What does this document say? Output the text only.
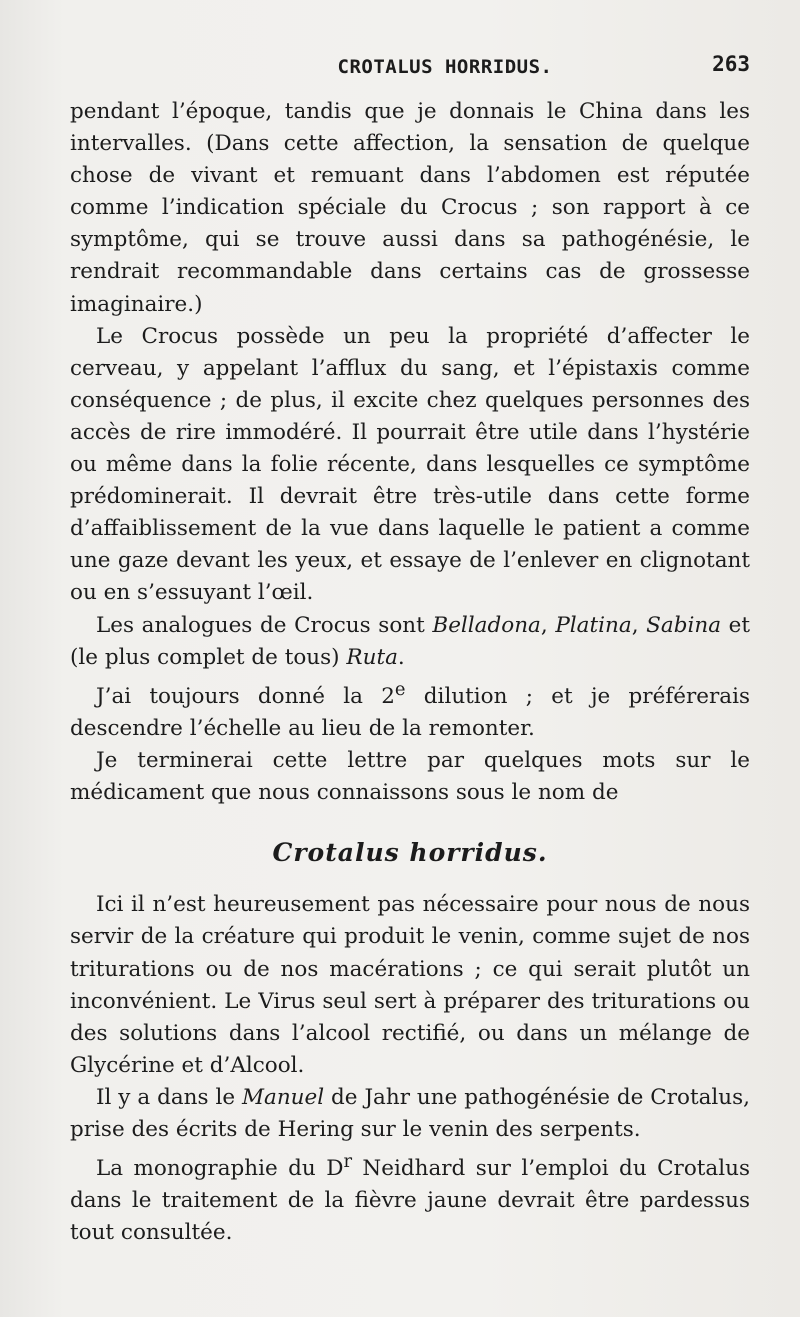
CROTALUS HORRIDUS.	263

pendant l’époque, tandis que je donnais le China dans les intervalles. (Dans cette affection, la sensation de quelque chose de vivant et remuant dans l’abdomen est réputée comme l’indication spéciale du Crocus ; son rapport à ce symptôme, qui se trouve aussi dans sa pathogénésie, le rendrait recommandable dans certains cas de grossesse imaginaire.)

Le Crocus possède un peu la propriété d’affecter le cerveau, y appelant l’afflux du sang, et l’épistaxis comme conséquence ; de plus, il excite chez quelques personnes des accès de rire immodéré. Il pourrait être utile dans l’hystérie ou même dans la folie récente, dans lesquelles ce symptôme prédominerait. Il devrait être très-utile dans cette forme d’affaiblissement de la vue dans laquelle le patient a comme une gaze devant les yeux, et essaye de l’enlever en clignotant ou en s’essuyant l’œil.

Les analogues de Crocus sont Belladona, Platina, Sabina et (le plus complet de tous) Ruta.

J’ai toujours donné la 2e dilution ; et je préférerais descendre l’échelle au lieu de la remonter.

Je terminerai cette lettre par quelques mots sur le médicament que nous connaissons sous le nom de

Crotalus horridus.

Ici il n’est heureusement pas nécessaire pour nous de nous servir de la créature qui produit le venin, comme sujet de nos triturations ou de nos macérations ; ce qui serait plutôt un inconvénient. Le Virus seul sert à préparer des triturations ou des solutions dans l’alcool rectifié, ou dans un mélange de Glycérine et d’Alcool.

Il y a dans le Manuel de Jahr une pathogénésie de Crotalus, prise des écrits de Hering sur le venin des serpents.

La monographie du $D^r$ Neidhard sur l’emploi du Crotalus dans le traitement de la fièvre jaune devrait être pardessus tout consultée.
